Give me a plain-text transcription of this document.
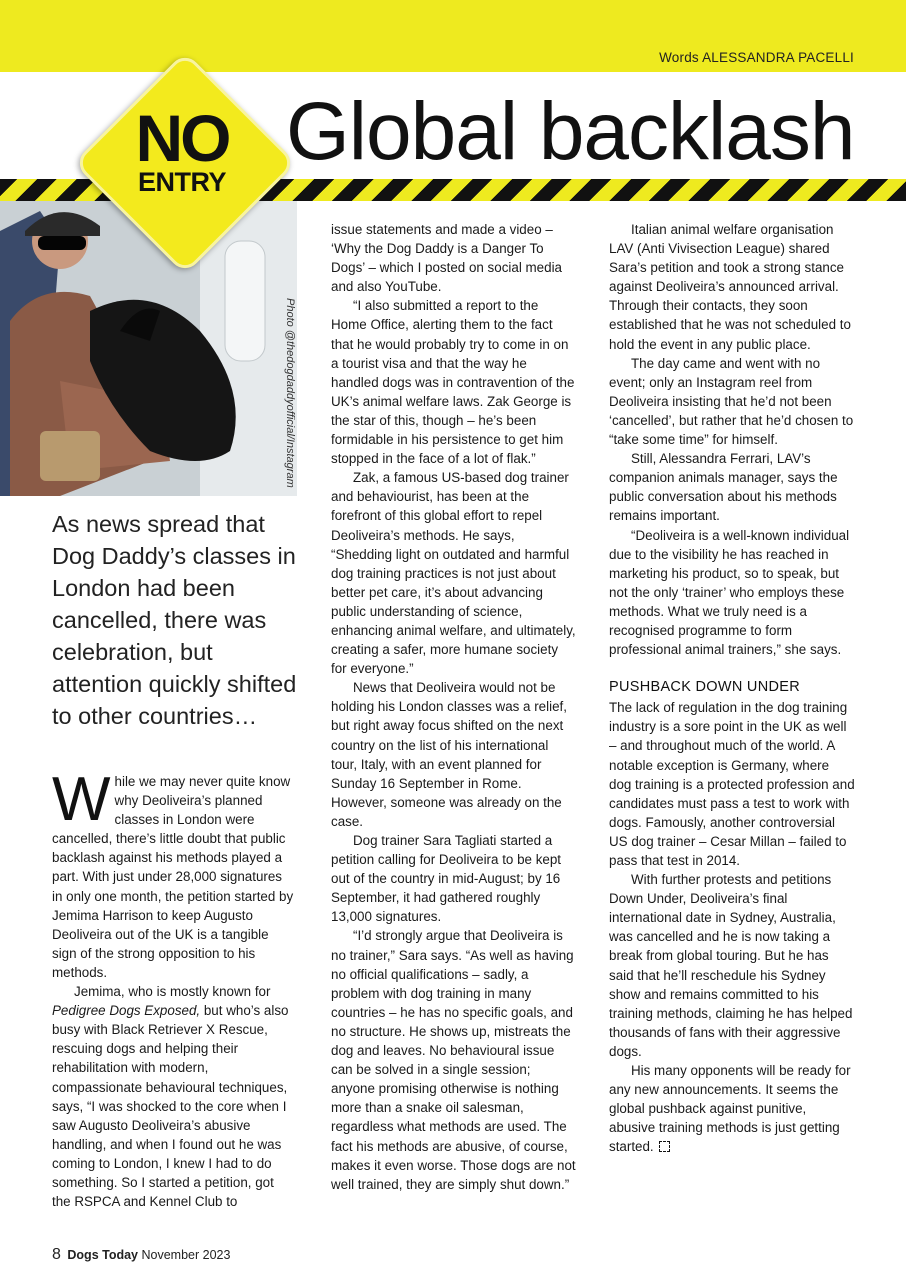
Words ALESSANDRA PACELLI
Global backlash
Photo @thedogdaddyofficial/Instagram
NO
ENTRY

As news spread that Dog Daddy’s classes in London had been cancelled, there was celebration, but attention quickly shifted to other countries…

While we may never quite know why Deoliveira’s planned classes in London were cancelled, there’s little doubt that public backlash against his methods played a part. With just under 28,000 signatures in only one month, the petition started by Jemima Harrison to keep Augusto Deoliveira out of the UK is a tangible sign of the strong opposition to his methods.

Jemima, who is mostly known for Pedigree Dogs Exposed, but who’s also busy with Black Retriever X Rescue, rescuing dogs and helping their rehabilitation with modern, compassionate behavioural techniques, says, “I was shocked to the core when I saw Augusto Deoliveira’s abusive handling, and when I found out he was coming to London, I knew I had to do something. So I started a petition, got the RSPCA and Kennel Club to

issue statements and made a video – ‘Why the Dog Daddy is a Danger To Dogs’ – which I posted on social media and also YouTube.

“I also submitted a report to the Home Office, alerting them to the fact that he would probably try to come in on a tourist visa and that the way he handled dogs was in contravention of the UK’s animal welfare laws. Zak George is the star of this, though – he’s been formidable in his persistence to get him stopped in the face of a lot of flak.”

Zak, a famous US-based dog trainer and behaviourist, has been at the forefront of this global effort to repel Deoliveira’s methods. He says, “Shedding light on outdated and harmful dog training practices is not just about better pet care, it’s about advancing public understanding of science, enhancing animal welfare, and ultimately, creating a safer, more humane society for everyone.”

News that Deoliveira would not be holding his London classes was a relief, but right away focus shifted on the next country on the list of his international tour, Italy, with an event planned for Sunday 16 September in Rome. However, someone was already on the case.

Dog trainer Sara Tagliati started a petition calling for Deoliveira to be kept out of the country in mid-August; by 16 September, it had gathered roughly 13,000 signatures.

“I’d strongly argue that Deoliveira is no trainer,” Sara says. “As well as having no official qualifications – sadly, a problem with dog training in many countries – he has no specific goals, and no structure. He shows up, mistreats the dog and leaves. No behavioural issue can be solved in a single session; anyone promising otherwise is nothing more than a snake oil salesman, regardless what methods are used. The fact his methods are abusive, of course, makes it even worse. Those dogs are not well trained, they are simply shut down.”

Italian animal welfare organisation LAV (Anti Vivisection League) shared Sara’s petition and took a strong stance against Deoliveira’s announced arrival. Through their contacts, they soon established that he was not scheduled to hold the event in any public place.

The day came and went with no event; only an Instagram reel from Deoliveira insisting that he’d not been ‘cancelled’, but rather that he’d chosen to “take some time” for himself.

Still, Alessandra Ferrari, LAV’s companion animals manager, says the public conversation about his methods remains important.

“Deoliveira is a well-known individual due to the visibility he has reached in marketing his product, so to speak, but not the only ‘trainer’ who employs these methods. What we truly need is a recognised programme to form professional animal trainers,” she says.

PUSHBACK DOWN UNDER

The lack of regulation in the dog training industry is a sore point in the UK as well – and throughout much of the world. A notable exception is Germany, where dog training is a protected profession and candidates must pass a test to work with dogs. Famously, another controversial US dog trainer – Cesar Millan – failed to pass that test in 2014.

With further protests and petitions Down Under, Deoliveira’s final international date in Sydney, Australia, was cancelled and he is now taking a break from global touring. But he has said that he’ll reschedule his Sydney show and remains committed to his training methods, claiming he has helped thousands of fans with their aggressive dogs.

His many opponents will be ready for any new announcements. It seems the global pushback against punitive, abusive training methods is just getting started.

8 Dogs Today November 2023
